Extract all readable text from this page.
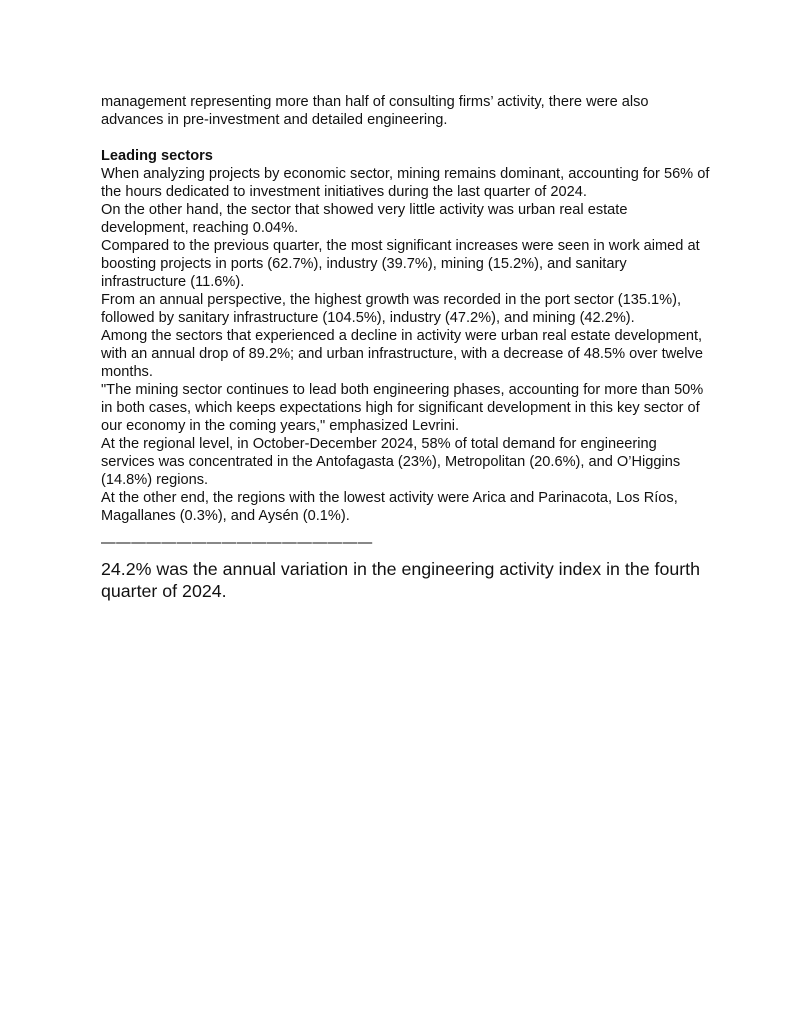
management representing more than half of consulting firms’ activity, there were also advances in pre-investment and detailed engineering.

Leading sectors

When analyzing projects by economic sector, mining remains dominant, accounting for 56% of the hours dedicated to investment initiatives during the last quarter of 2024.

On the other hand, the sector that showed very little activity was urban real estate development, reaching 0.04%.

Compared to the previous quarter, the most significant increases were seen in work aimed at boosting projects in ports (62.7%), industry (39.7%), mining (15.2%), and sanitary infrastructure (11.6%).

From an annual perspective, the highest growth was recorded in the port sector (135.1%), followed by sanitary infrastructure (104.5%), industry (47.2%), and mining (42.2%).

Among the sectors that experienced a decline in activity were urban real estate development, with an annual drop of 89.2%; and urban infrastructure, with a decrease of 48.5% over twelve months.

"The mining sector continues to lead both engineering phases, accounting for more than 50% in both cases, which keeps expectations high for significant development in this key sector of our economy in the coming years," emphasized Levrini.

At the regional level, in October-December 2024, 58% of total demand for engineering services was concentrated in the Antofagasta (23%), Metropolitan (20.6%), and O’Higgins (14.8%) regions.

At the other end, the regions with the lowest activity were Arica and Parinacota, Los Ríos, Magallanes (0.3%), and Aysén (0.1%).

——————————————————

24.2% was the annual variation in the engineering activity index in the fourth quarter of 2024.
